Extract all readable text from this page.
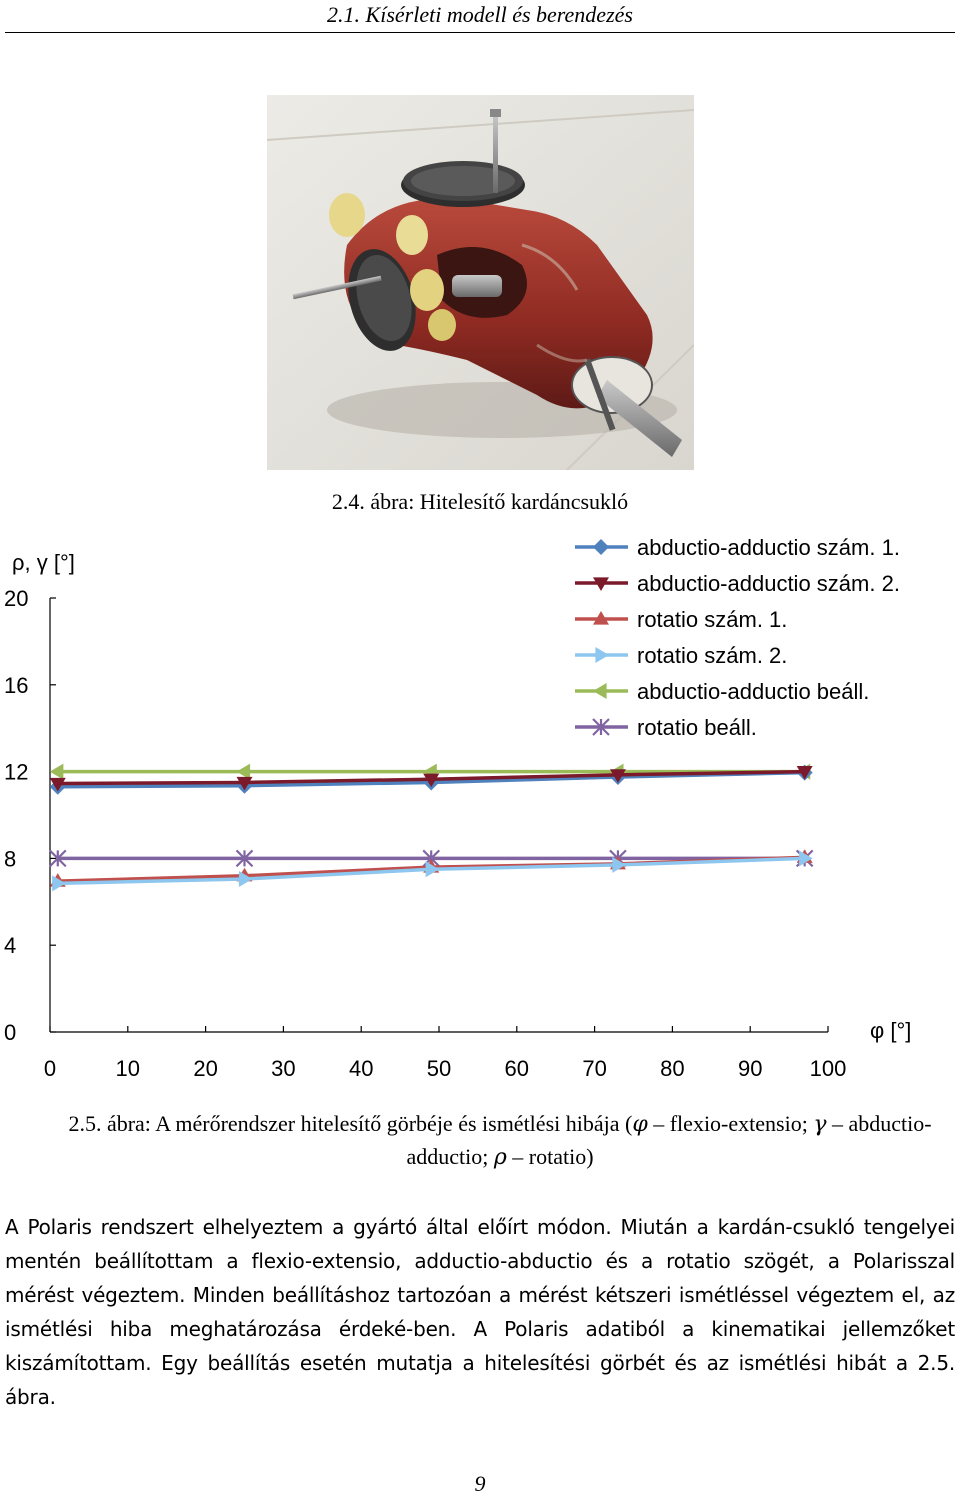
2.1. Kísérleti modell és berendezés
2.4. ábra: Hitelesítő kardáncsukló
0
4
8
12
16
20
0	10 20 30 40 50 60 70 80 90 100
abductio-adductio szám. 1.
abductio-adductio szám. 2.
rotatio szám. 1.
rotatio szám. 2.
abductio-adductio beáll.
rotatio beáll.
ρ, γ [°]
φ [°]
2.5. ábra: A mérőrendszer hitelesítő görbéje és ismétlési hibája (φ – flexio-extensio; γ – abductio-adductio; ρ – rotatio)
A Polaris rendszert elhelyeztem a gyártó által előírt módon. Miután a kardán-csukló tengelyei mentén beállítottam a flexio-extensio, adductio-abductio és a rotatio szögét, a Polarisszal mérést végeztem. Minden beállításhoz tartozóan a mérést kétszeri ismétléssel végeztem el, az ismétlési hiba meghatározása érdeké-ben. A Polaris adatiból a kinematikai jellemzőket kiszámítottam. Egy beállítás esetén mutatja a hitelesítési görbét és az ismétlési hibát a 2.5. ábra.
9
